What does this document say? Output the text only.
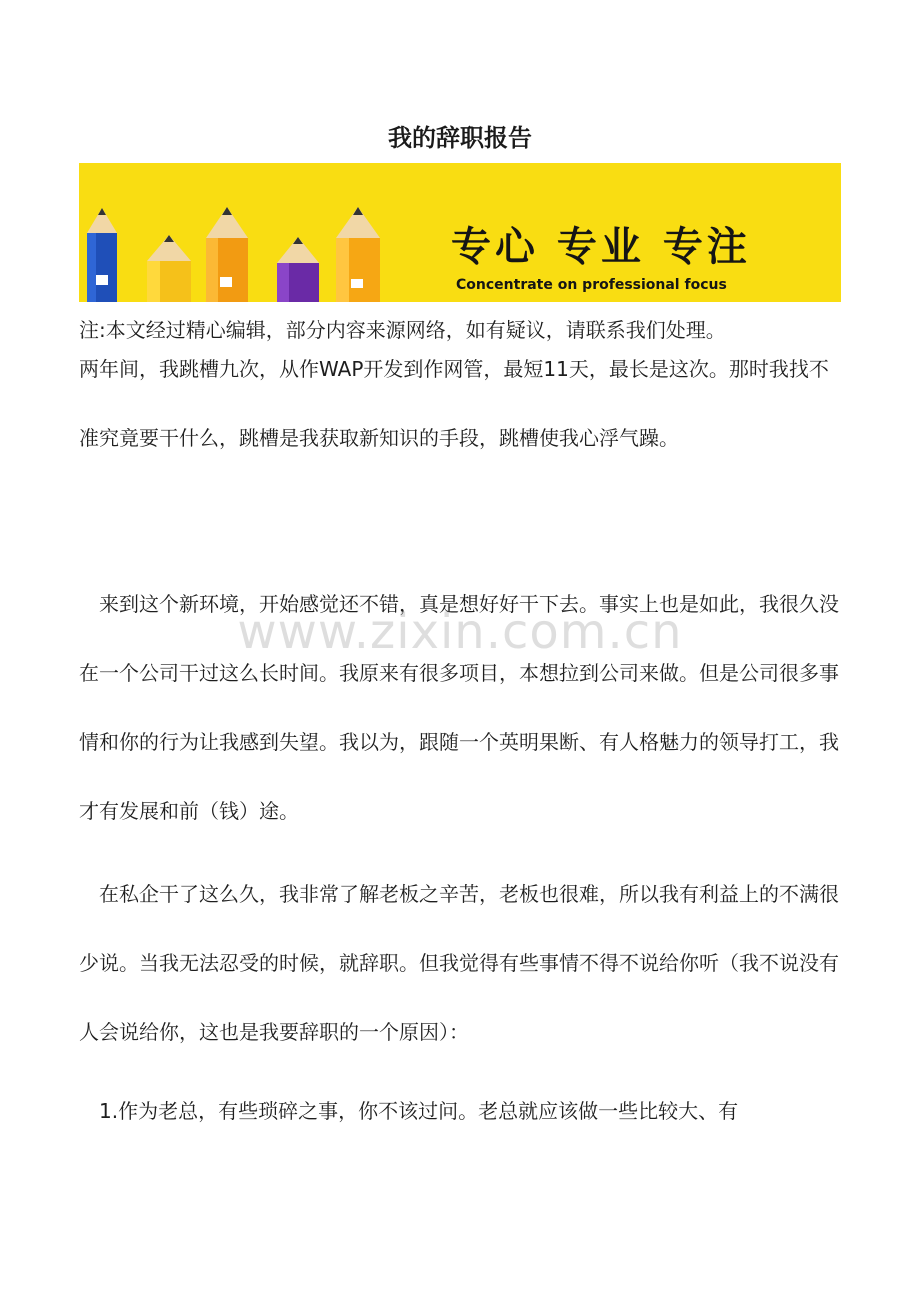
我的辞职报告
专心 专业 专注
Concentrate on professional focus

注:本文经过精心编辑，部分内容来源网络，如有疑议，请联系我们处理。

两年间，我跳槽九次，从作WAP开发到作网管，最短11天，最长是这次。那时我找不准究竟要干什么，跳槽是我获取新知识的手段，跳槽使我心浮气躁。

　来到这个新环境，开始感觉还不错，真是想好好干下去。事实上也是如此，我很久没在一个公司干过这么长时间。我原来有很多项目，本想拉到公司来做。但是公司很多事情和你的行为让我感到失望。我以为，跟随一个英明果断、有人格魅力的领导打工，我才有发展和前（钱）途。

　在私企干了这么久，我非常了解老板之辛苦，老板也很难，所以我有利益上的不满很少说。当我无法忍受的时候，就辞职。但我觉得有些事情不得不说给你听（我不说没有人会说给你，这也是我要辞职的一个原因）：

　1.作为老总，有些琐碎之事，你不该过问。老总就应该做一些比较大、有

www.zixin.com.cn
